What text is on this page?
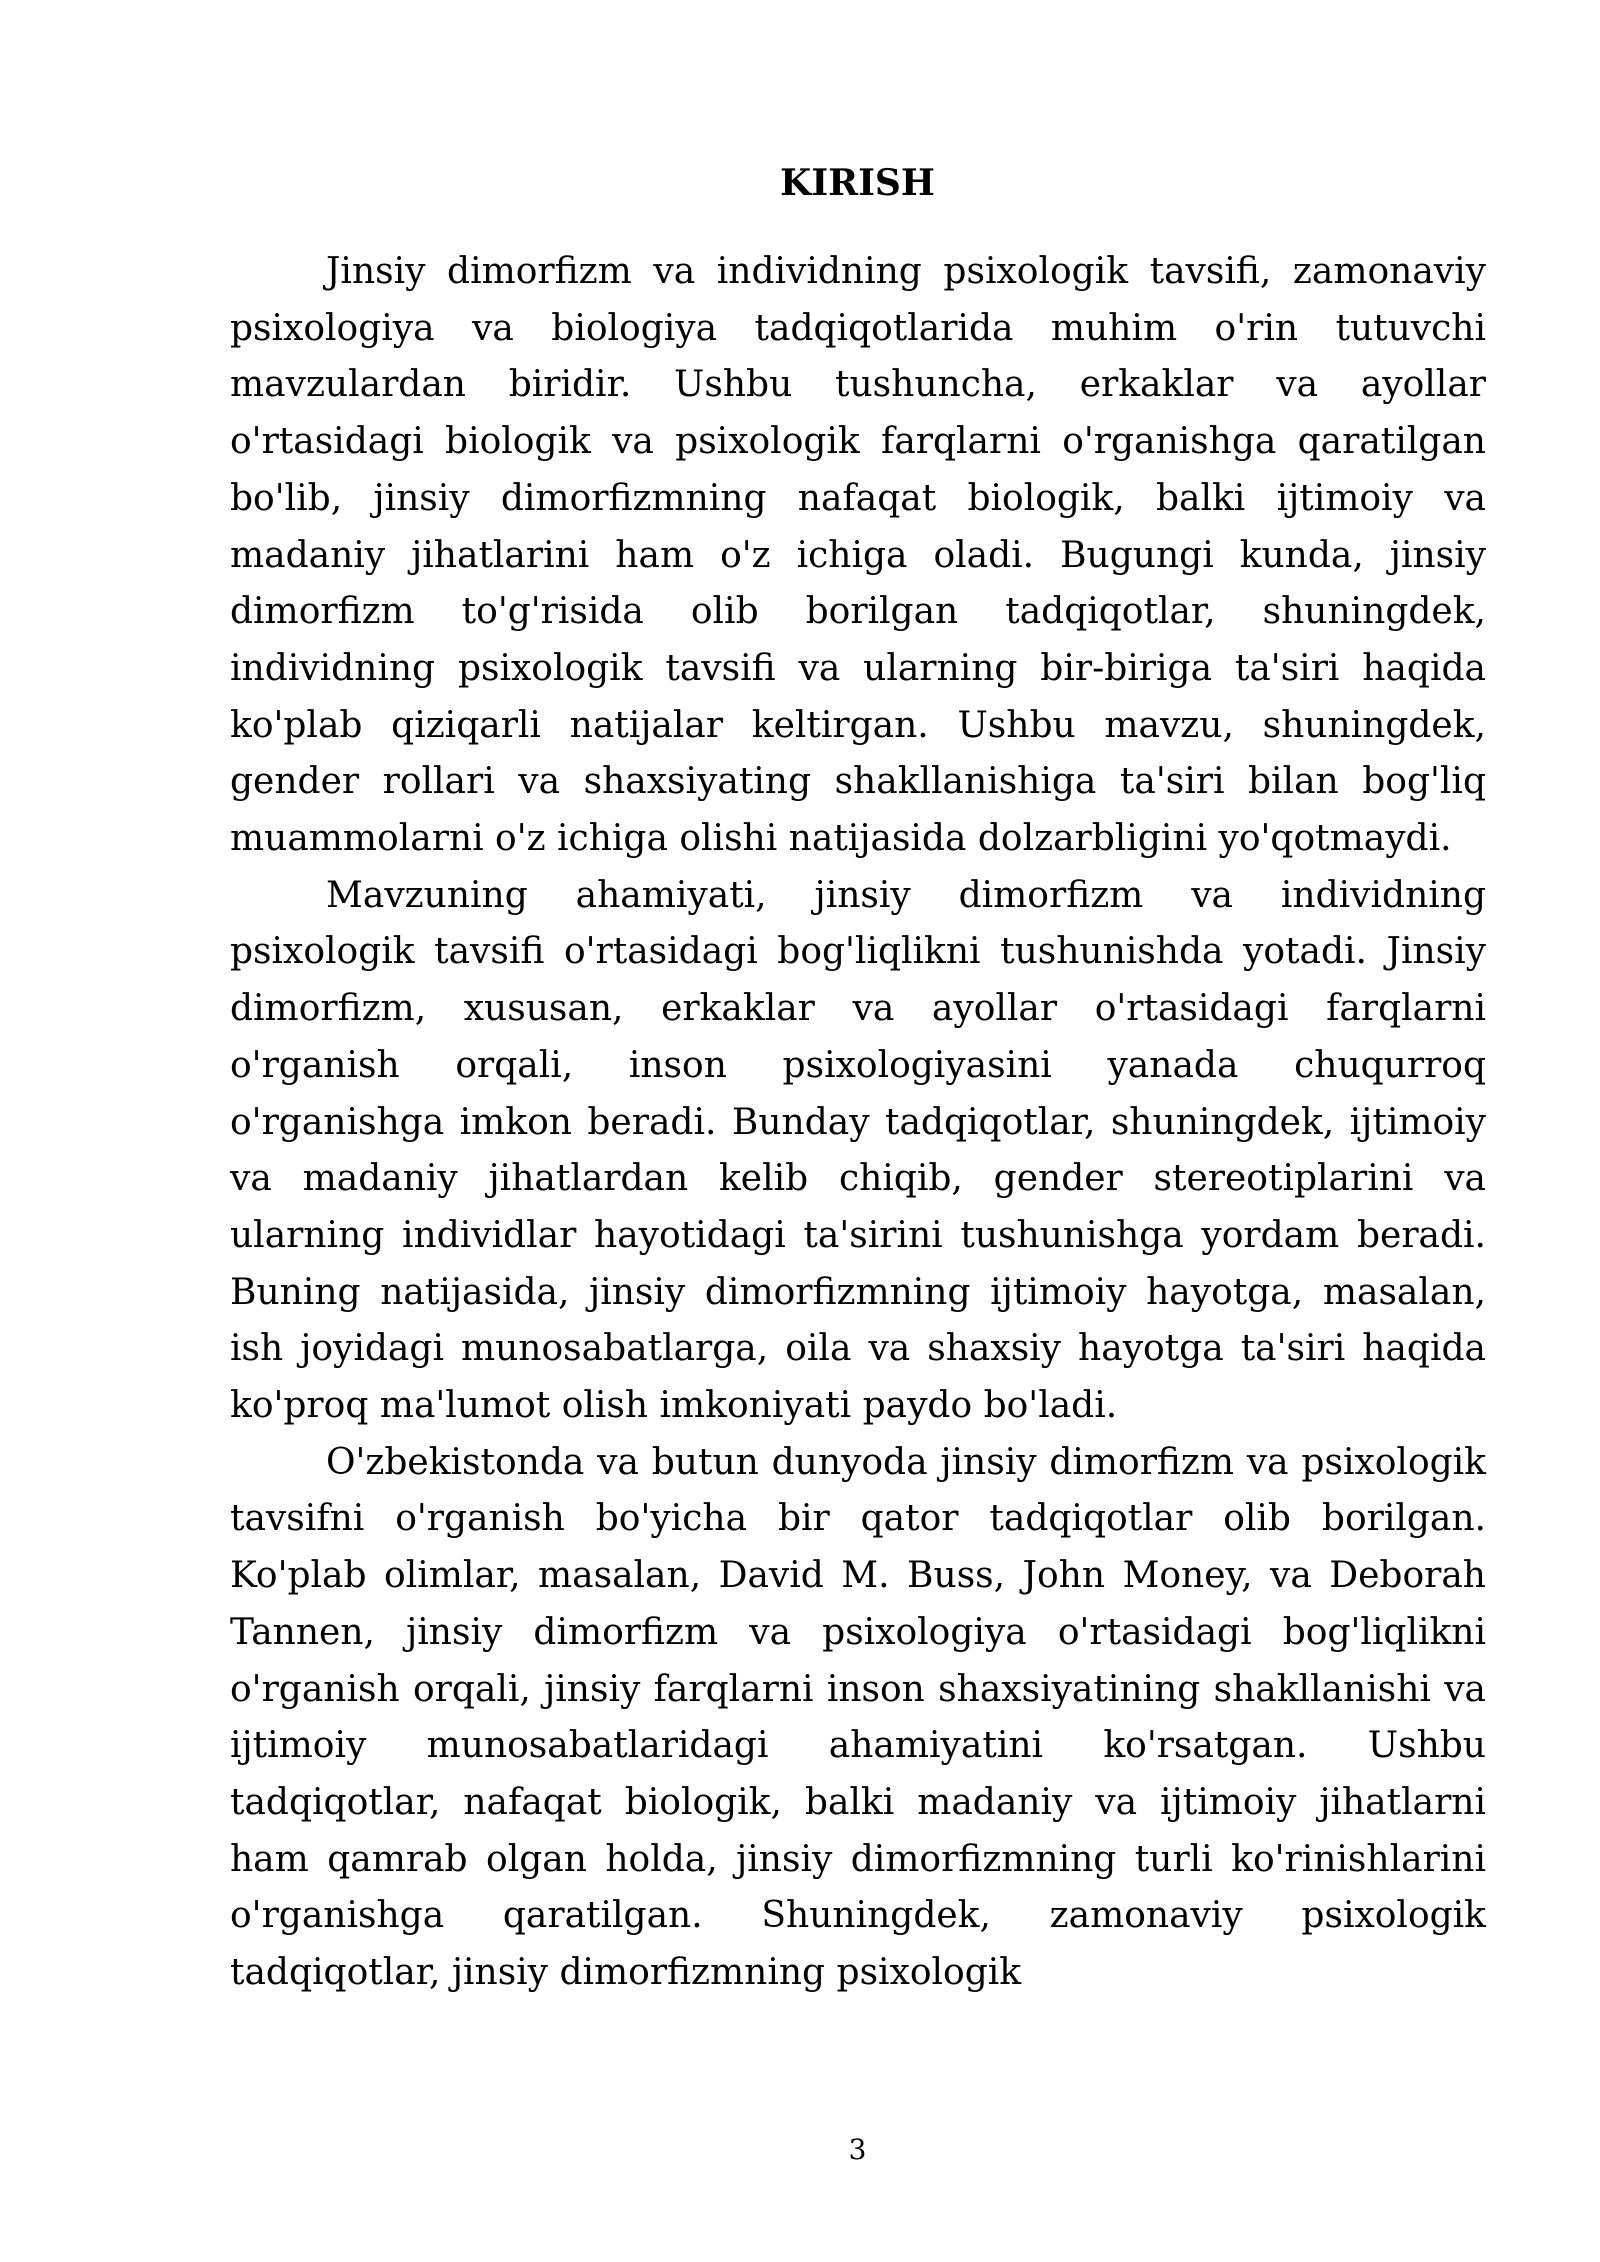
KIRISH

Jinsiy dimorfizm va individning psixologik tavsifi, zamonaviy psixologiya va biologiya tadqiqotlarida muhim o'rin tutuvchi mavzulardan biridir. Ushbu tushuncha, erkaklar va ayollar o'rtasidagi biologik va psixologik farqlarni o'rganishga qaratilgan bo'lib, jinsiy dimorfizmning nafaqat biologik, balki ijtimoiy va madaniy jihatlarini ham o'z ichiga oladi. Bugungi kunda, jinsiy dimorfizm to'g'risida olib borilgan tadqiqotlar, shuningdek, individning psixologik tavsifi va ularning bir-biriga ta'siri haqida ko'plab qiziqarli natijalar keltirgan. Ushbu mavzu, shuningdek, gender rollari va shaxsiyating shakllanishiga ta'siri bilan bog'liq muammolarni o'z ichiga olishi natijasida dolzarbligini yo'qotmaydi.

Mavzuning ahamiyati, jinsiy dimorfizm va individning psixologik tavsifi o'rtasidagi bog'liqlikni tushunishda yotadi. Jinsiy dimorfizm, xususan, erkaklar va ayollar o'rtasidagi farqlarni o'rganish orqali, inson psixologiyasini yanada chuqurroq o'rganishga imkon beradi. Bunday tadqiqotlar, shuningdek, ijtimoiy va madaniy jihatlardan kelib chiqib, gender stereotiplarini va ularning individlar hayotidagi ta'sirini tushunishga yordam beradi. Buning natijasida, jinsiy dimorfizmning ijtimoiy hayotga, masalan, ish joyidagi munosabatlarga, oila va shaxsiy hayotga ta'siri haqida ko'proq ma'lumot olish imkoniyati paydo bo'ladi.

O'zbekistonda va butun dunyoda jinsiy dimorfizm va psixologik tavsifni o'rganish bo'yicha bir qator tadqiqotlar olib borilgan. Ko'plab olimlar, masalan, David M. Buss, John Money, va Deborah Tannen, jinsiy dimorfizm va psixologiya o'rtasidagi bog'liqlikni o'rganish orqali, jinsiy farqlarni inson shaxsiyatining shakllanishi va ijtimoiy munosabatlaridagi ahamiyatini ko'rsatgan. Ushbu tadqiqotlar, nafaqat biologik, balki madaniy va ijtimoiy jihatlarni ham qamrab olgan holda, jinsiy dimorfizmning turli ko'rinishlarini o'rganishga qaratilgan. Shuningdek, zamonaviy psixologik tadqiqotlar, jinsiy dimorfizmning psixologik

3
